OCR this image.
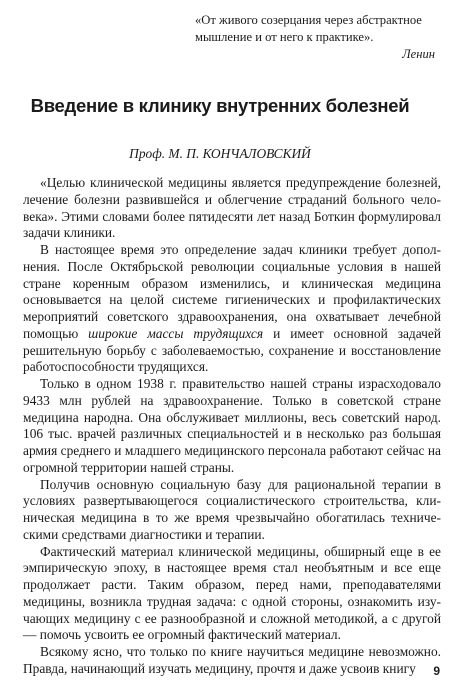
«От живого созерцания через абстрактное
мышление и от него к практике».
Ленин
Введение в клинику внутренних болезней
Проф. М. П. КОНЧАЛОВСКИЙ

«Целью клинической медицины является предупреждение болезней, лечение болезни развившейся и облегчение страданий больного человека». Этими словами более пятидесяти лет назад Боткин формулировал задачи клиники.

В настоящее время это определение задач клиники требует дополнения. После Октябрьской революции социальные условия в нашей стране коренным образом изменились, и клиническая медицина основывается на целой системе гигиенических и профилактических мероприятий советского здравоохранения, она охватывает лечебной помощью широкие массы трудящихся и имеет основной задачей решительную борьбу с заболеваемостью, сохранение и восстановление работоспособности трудящихся.

Только в одном 1938 г. правительство нашей страны израсходовало 9433 млн рублей на здравоохранение. Только в советской стране медицина народна. Она обслуживает миллионы, весь советский народ. 106 тыс. врачей различных специальностей и в несколько раз большая армия среднего и младшего медицинского персонала работают сейчас на огромной территории нашей страны.

Получив основную социальную базу для рациональной терапии в условиях развертывающегося социалистического строительства, клиническая медицина в то же время чрезвычайно обогатилась техническими средствами диагностики и терапии.

Фактический материал клинической медицины, обширный еще в ее эмпирическую эпоху, в настоящее время стал необъятным и все еще продолжает расти. Таким образом, перед нами, преподавателями медицины, возникла трудная задача: с одной стороны, ознакомить изучающих медицину с ее разнообразной и сложной методикой, а с другой — помочь усвоить ее огромный фактический материал.

Всякому ясно, что только по книге научиться медицине невозможно. Правда, начинающий изучать медицину, прочтя и даже усвоив книгу	9
